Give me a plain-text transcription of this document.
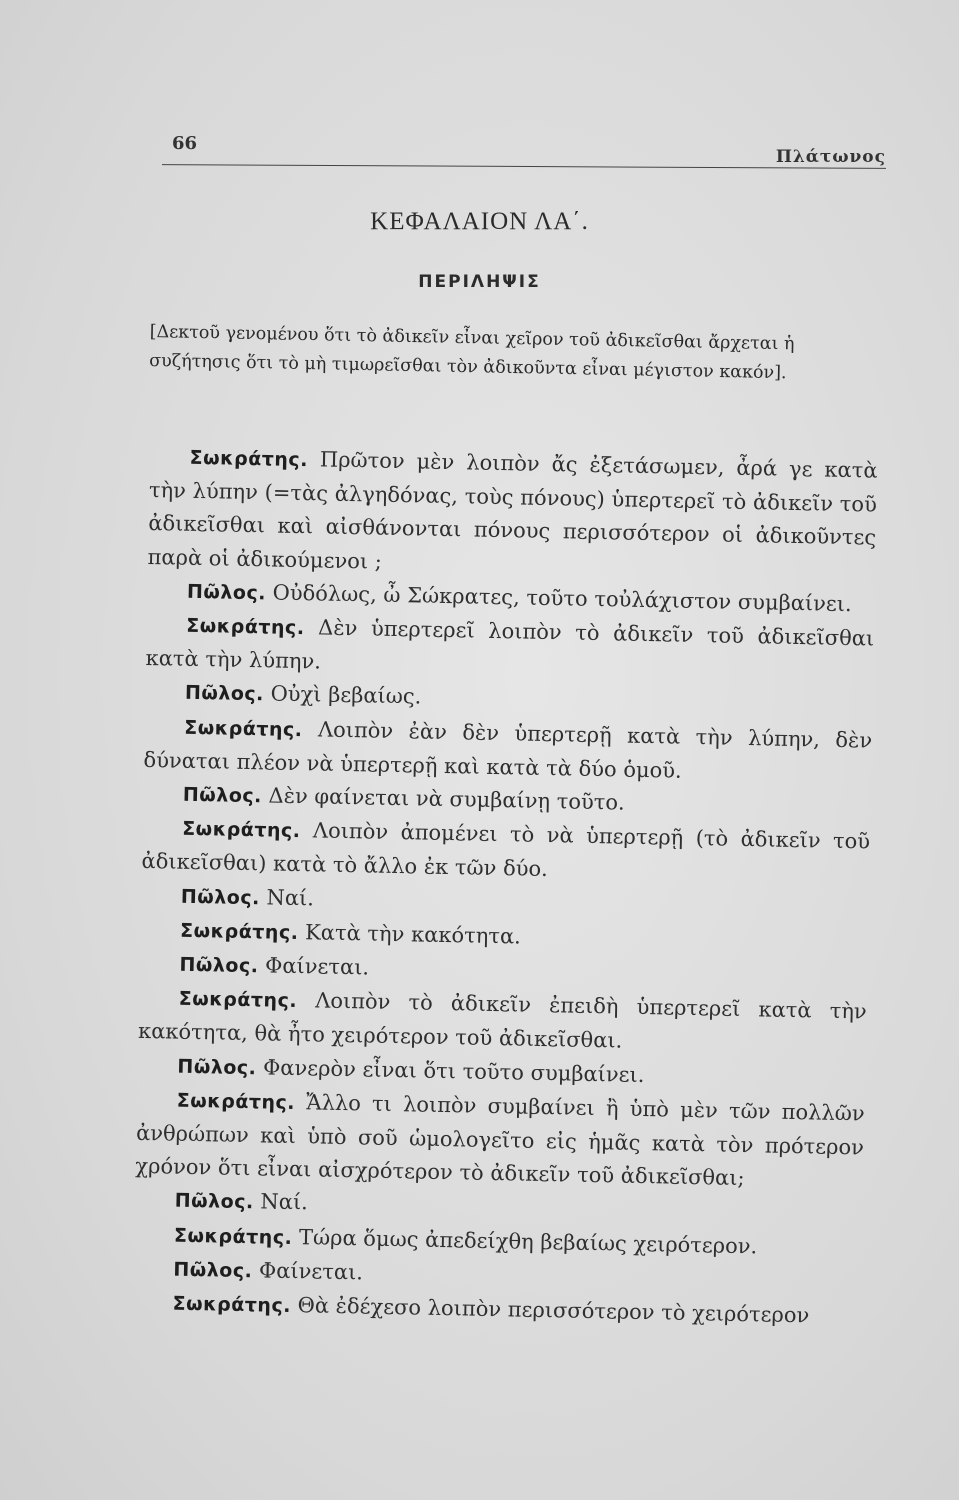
66
Πλάτωνος
ΚΕΦΑΛΑΙΟΝ ΛΑ΄.
ΠΕΡΙΛΗΨΙΣ
[Δεκτοῦ γενομένου ὅτι τὸ ἀδικεῖν εἶναι χεῖρον τοῦ ἀδικεῖσθαι ἄρχεται ἡ συζήτησις ὅτι τὸ μὴ τιμωρεῖσθαι τὸν ἀδικοῦντα εἶναι μέγιστον κακόν].

Σωκράτης. Πρῶτον μὲν λοιπὸν ἄς ἐξετάσωμεν, ἆρά γε κατὰ τὴν λύπην (=τὰς ἀλγηδόνας, τοὺς πόνους) ὑπερτερεῖ τὸ ἀδικεῖν τοῦ ἀδικεῖσθαι καὶ αἰσθάνονται πόνους περισσότερον οἱ ἀδικοῦντες παρὰ οἱ ἀδικούμενοι ;

Πῶλος. Οὐδόλως, ὦ Σώκρατες, τοῦτο τοὐλάχιστον συμβαίνει.

Σωκράτης. Δὲν ὑπερτερεῖ λοιπὸν τὸ ἀδικεῖν τοῦ ἀδικεῖσθαι κατὰ τὴν λύπην.

Πῶλος. Οὐχὶ βεβαίως.

Σωκράτης. Λοιπὸν ἐὰν δὲν ὑπερτερῇ κατὰ τὴν λύπην, δὲν δύναται πλέον νὰ ὑπερτερῇ καὶ κατὰ τὰ δύο ὁμοῦ.

Πῶλος. Δὲν φαίνεται νὰ συμβαίνῃ τοῦτο.

Σωκράτης. Λοιπὸν ἀπομένει τὸ νὰ ὑπερτερῇ (τὸ ἀδικεῖν τοῦ ἀδικεῖσθαι) κατὰ τὸ ἄλλο ἐκ τῶν δύο.

Πῶλος. Ναί.

Σωκράτης. Κατὰ τὴν κακότητα.

Πῶλος. Φαίνεται.

Σωκράτης. Λοιπὸν τὸ ἀδικεῖν ἐπειδὴ ὑπερτερεῖ κατὰ τὴν κακότητα, θὰ ἦτο χειρότερον τοῦ ἀδικεῖσθαι.

Πῶλος. Φανερὸν εἶναι ὅτι τοῦτο συμβαίνει.

Σωκράτης. Ἄλλο τι λοιπὸν συμβαίνει ἢ ὑπὸ μὲν τῶν πολλῶν ἀνθρώπων καὶ ὑπὸ σοῦ ὡμολογεῖτο εἰς ἡμᾶς κατὰ τὸν πρότερον χρόνον ὅτι εἶναι αἰσχρότερον τὸ ἀδικεῖν τοῦ ἀδικεῖσθαι;

Πῶλος. Ναί.

Σωκράτης. Τώρα ὅμως ἀπεδείχθη βεβαίως χειρότερον.

Πῶλος. Φαίνεται.

Σωκράτης. Θὰ ἐδέχεσο λοιπὸν περισσότερον τὸ χειρότερον
